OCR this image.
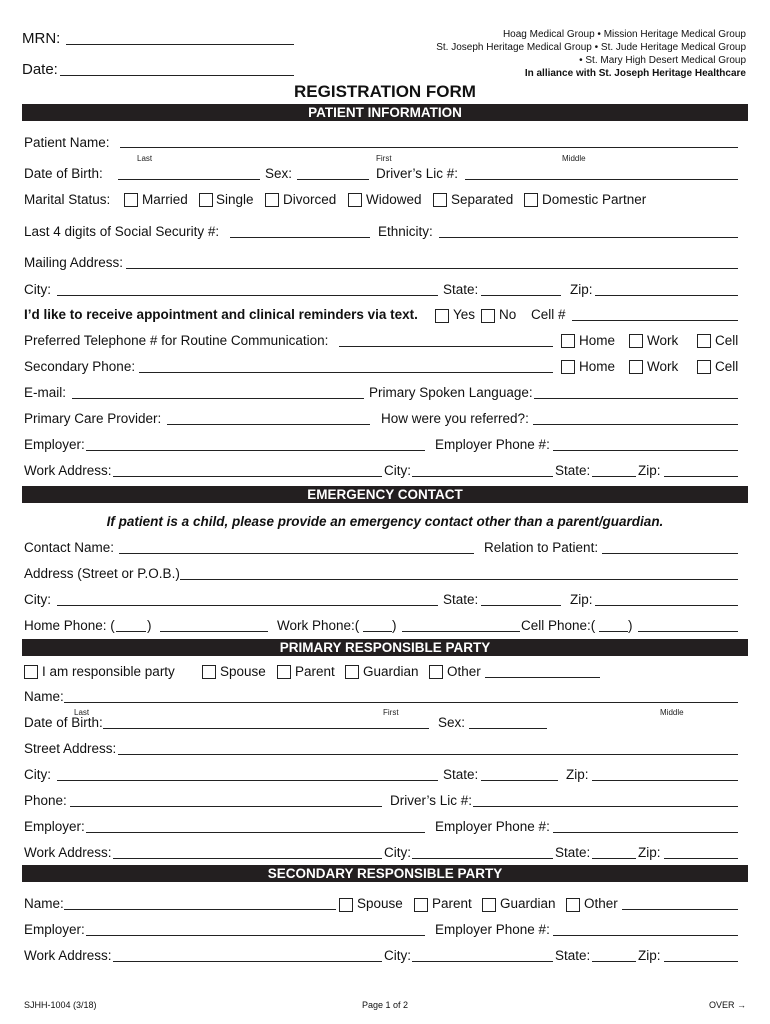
MRN:
Date:
Hoag Medical Group • Mission Heritage Medical Group
St. Joseph Heritage Medical Group • St. Jude Heritage Medical Group
• St. Mary High Desert Medical Group
In alliance with St. Joseph Heritage Healthcare
REGISTRATION FORM
PATIENT INFORMATION
Patient Name:
Last	First	Middle
Date of Birth:	Sex:	Driver’s Lic #:
Marital Status: Married Single Divorced Widowed Separated Domestic Partner
Last 4 digits of Social Security #:	Ethnicity:
Mailing Address:
City:	State:	Zip:
I’d like to receive appointment and clinical reminders via text.	Yes No Cell #
Preferred Telephone # for Routine Communication:	Home Work	Cell
Secondary Phone:	Home Work	Cell
E-mail:	Primary Spoken Language:
Primary Care Provider:	How were you referred?:
Employer:	Employer Phone #:
Work Address:	City:	State:	Zip:
EMERGENCY CONTACT
If patient is a child, please provide an emergency contact other than a parent/guardian.
Contact Name:	Relation to Patient:
Address (Street or P.O.B.)
City:	State:	Zip:
Home Phone: ( )	Work Phone:( )	Cell Phone:( )
PRIMARY RESPONSIBLE PARTY
I am responsible party	Spouse Parent Guardian Other
Name:
Last	First	Middle
Date of Birth:	Sex:
Street Address:
City:	State:	Zip:
Phone:	Driver’s Lic #:
Employer:	Employer Phone #:
Work Address:	City:	State:	Zip:
SECONDARY RESPONSIBLE PARTY
Name:	Spouse Parent Guardian Other
Employer:	Employer Phone #:
Work Address:	City:	State:	Zip:
SJHH-1004 (3/18)	Page 1 of 2	OVER →
